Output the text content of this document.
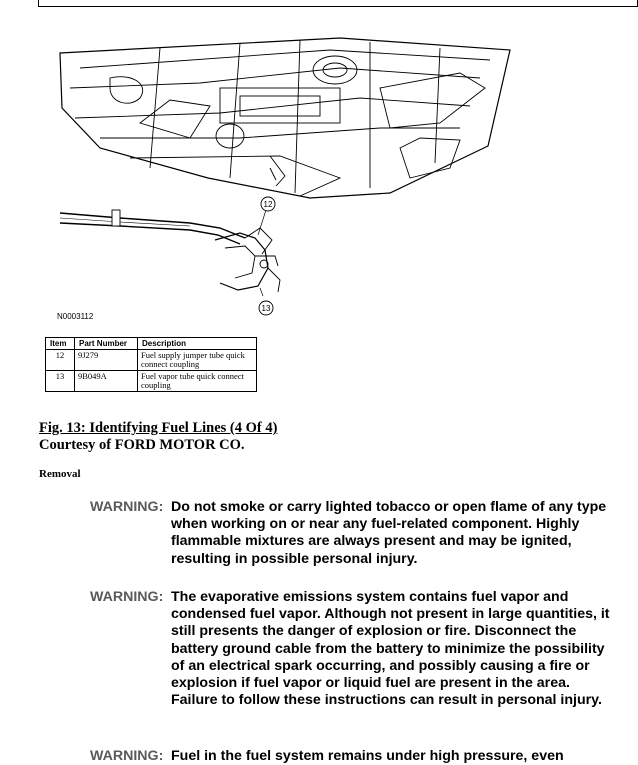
12
13
N0003112
Item	Part Number	Description
12	9J279	Fuel supply jumper tube quick connect coupling
13	9B049A	Fuel vapor tube quick connect coupling
Fig. 13: Identifying Fuel Lines (4 Of 4)
Courtesy of FORD MOTOR CO.
Removal
WARNING: Do not smoke or carry lighted tobacco or open flame of any type when working on or near any fuel-related component. Highly flammable mixtures are always present and may be ignited, resulting in possible personal injury.
WARNING: The evaporative emissions system contains fuel vapor and condensed fuel vapor. Although not present in large quantities, it still presents the danger of explosion or fire. Disconnect the battery ground cable from the battery to minimize the possibility of an electrical spark occurring, and possibly causing a fire or explosion if fuel vapor or liquid fuel are present in the area. Failure to follow these instructions can result in personal injury.
WARNING: Fuel in the fuel system remains under high pressure, even
